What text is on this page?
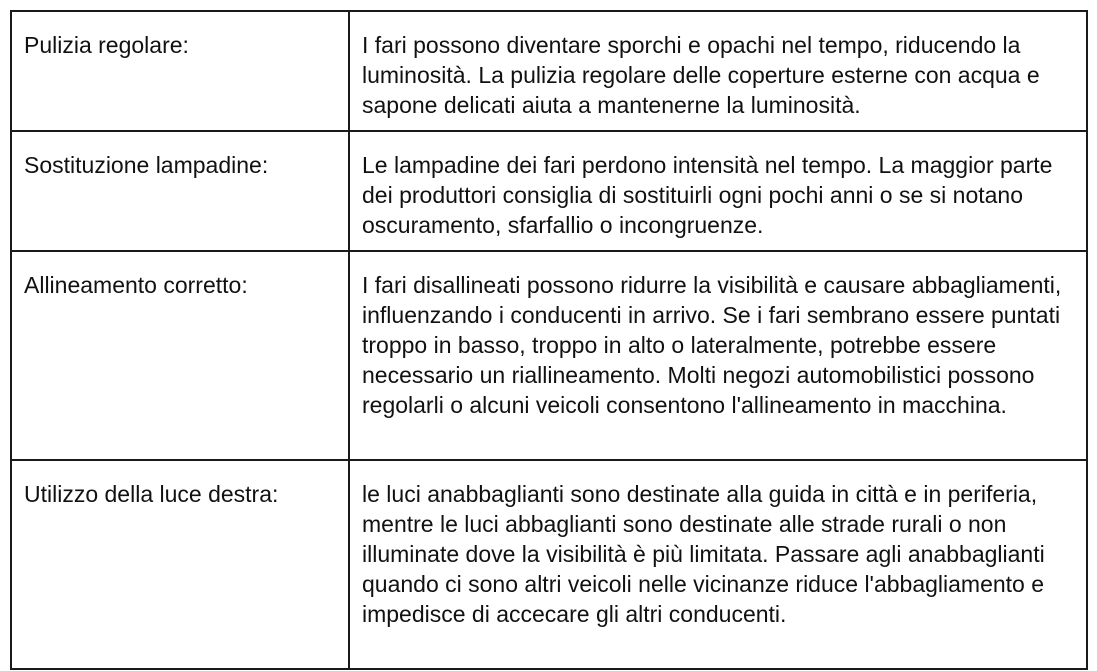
Pulizia regolare:	I fari possono diventare sporchi e opachi nel tempo, riducendo la luminosità. La pulizia regolare delle coperture esterne con acqua e sapone delicati aiuta a mantenerne la luminosità.
Sostituzione lampadine:	Le lampadine dei fari perdono intensità nel tempo. La maggior parte dei produttori consiglia di sostituirli ogni pochi anni o se si notano oscuramento, sfarfallio o incongruenze.
Allineamento corretto:	I fari disallineati possono ridurre la visibilità e causare abbagliamenti, influenzando i conducenti in arrivo. Se i fari sembrano essere puntati troppo in basso, troppo in alto o lateralmente, potrebbe essere necessario un riallineamento. Molti negozi automobilistici possono regolarli o alcuni veicoli consentono l'allineamento in macchina.
Utilizzo della luce destra:	le luci anabbaglianti sono destinate alla guida in città e in periferia, mentre le luci abbaglianti sono destinate alle strade rurali o non illuminate dove la visibilità è più limitata. Passare agli anabbaglianti quando ci sono altri veicoli nelle vicinanze riduce l'abbagliamento e impedisce di accecare gli altri conducenti.
